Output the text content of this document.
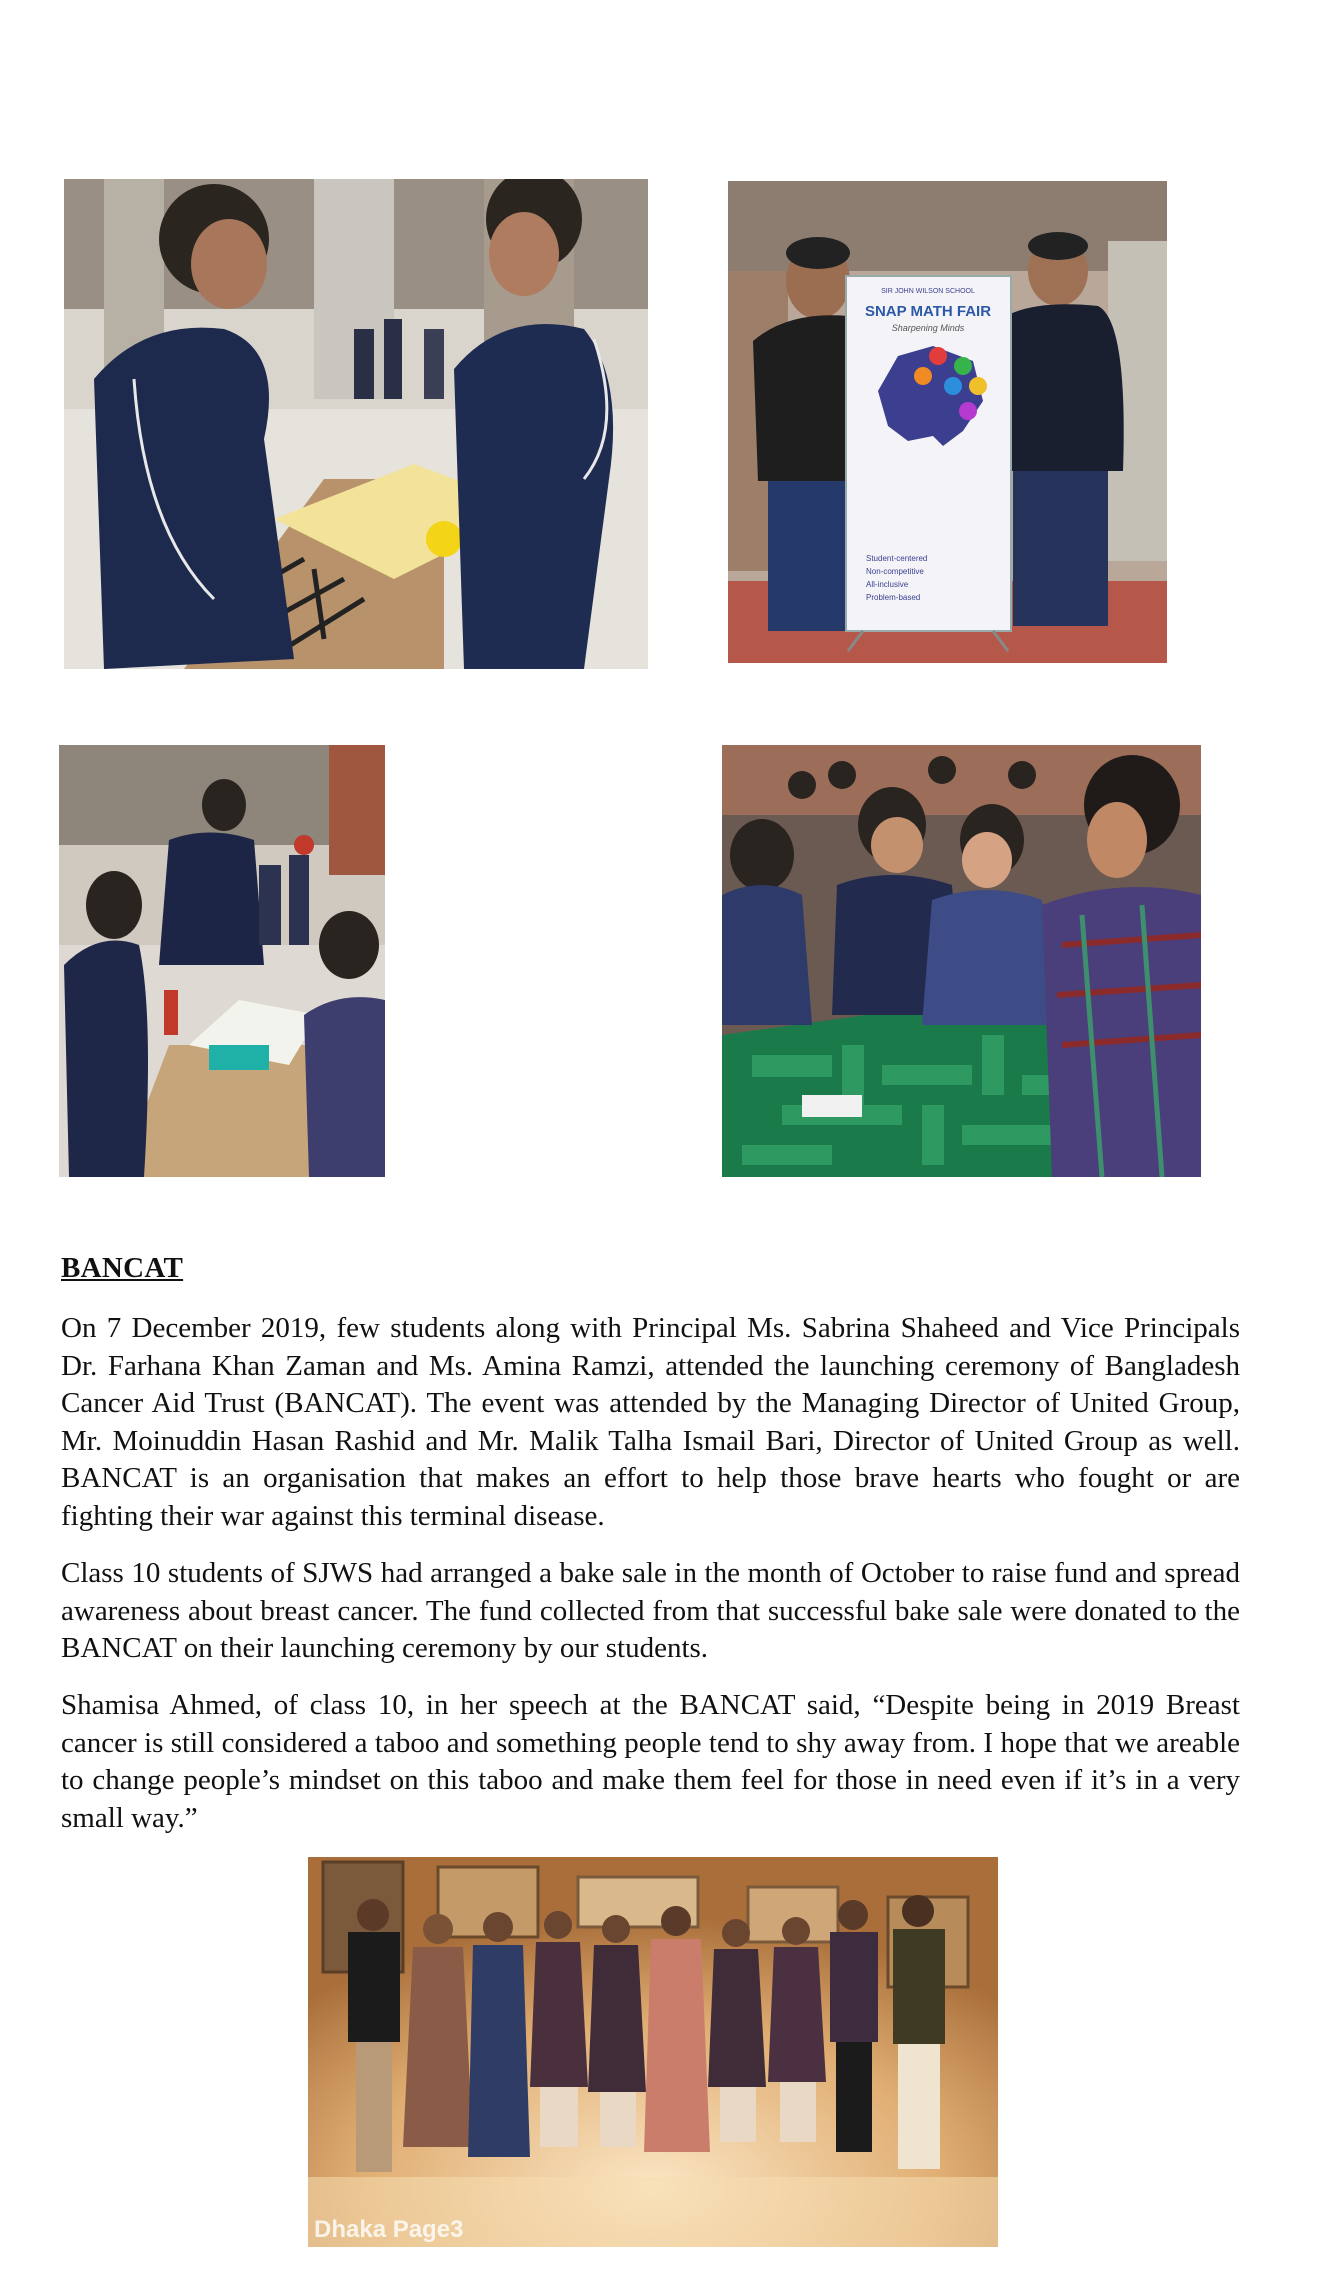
SIR JOHN WILSON SCHOOL
SNAP MATH FAIR
Sharpening Minds
Student-centered
Non-competitive
All-inclusive
Problem-based
BANCAT

On 7 December 2019, few students along with Principal Ms. Sabrina Shaheed and Vice Principals Dr. Farhana Khan Zaman and Ms. Amina Ramzi, attended the launching ceremony of Bangladesh Cancer Aid Trust (BANCAT). The event was attended by the Managing Director of United Group, Mr. Moinuddin Hasan Rashid and Mr. Malik Talha Ismail Bari, Director of United Group as well. BANCAT is an organisation that makes an effort to help those brave hearts who fought or are fighting their war against this terminal disease.

Class 10 students of SJWS had arranged a bake sale in the month of October to raise fund and spread awareness about breast cancer. The fund collected from that successful bake sale were donated to the BANCAT on their launching ceremony by our students.

Shamisa Ahmed, of class 10, in her speech at the BANCAT said, “Despite being in 2019 Breast cancer is still considered a taboo and something people tend to shy away from. I hope that we areable to change people’s mindset on this taboo and make them feel for those in need even if it’s in a very small way.”

Dhaka Page3
